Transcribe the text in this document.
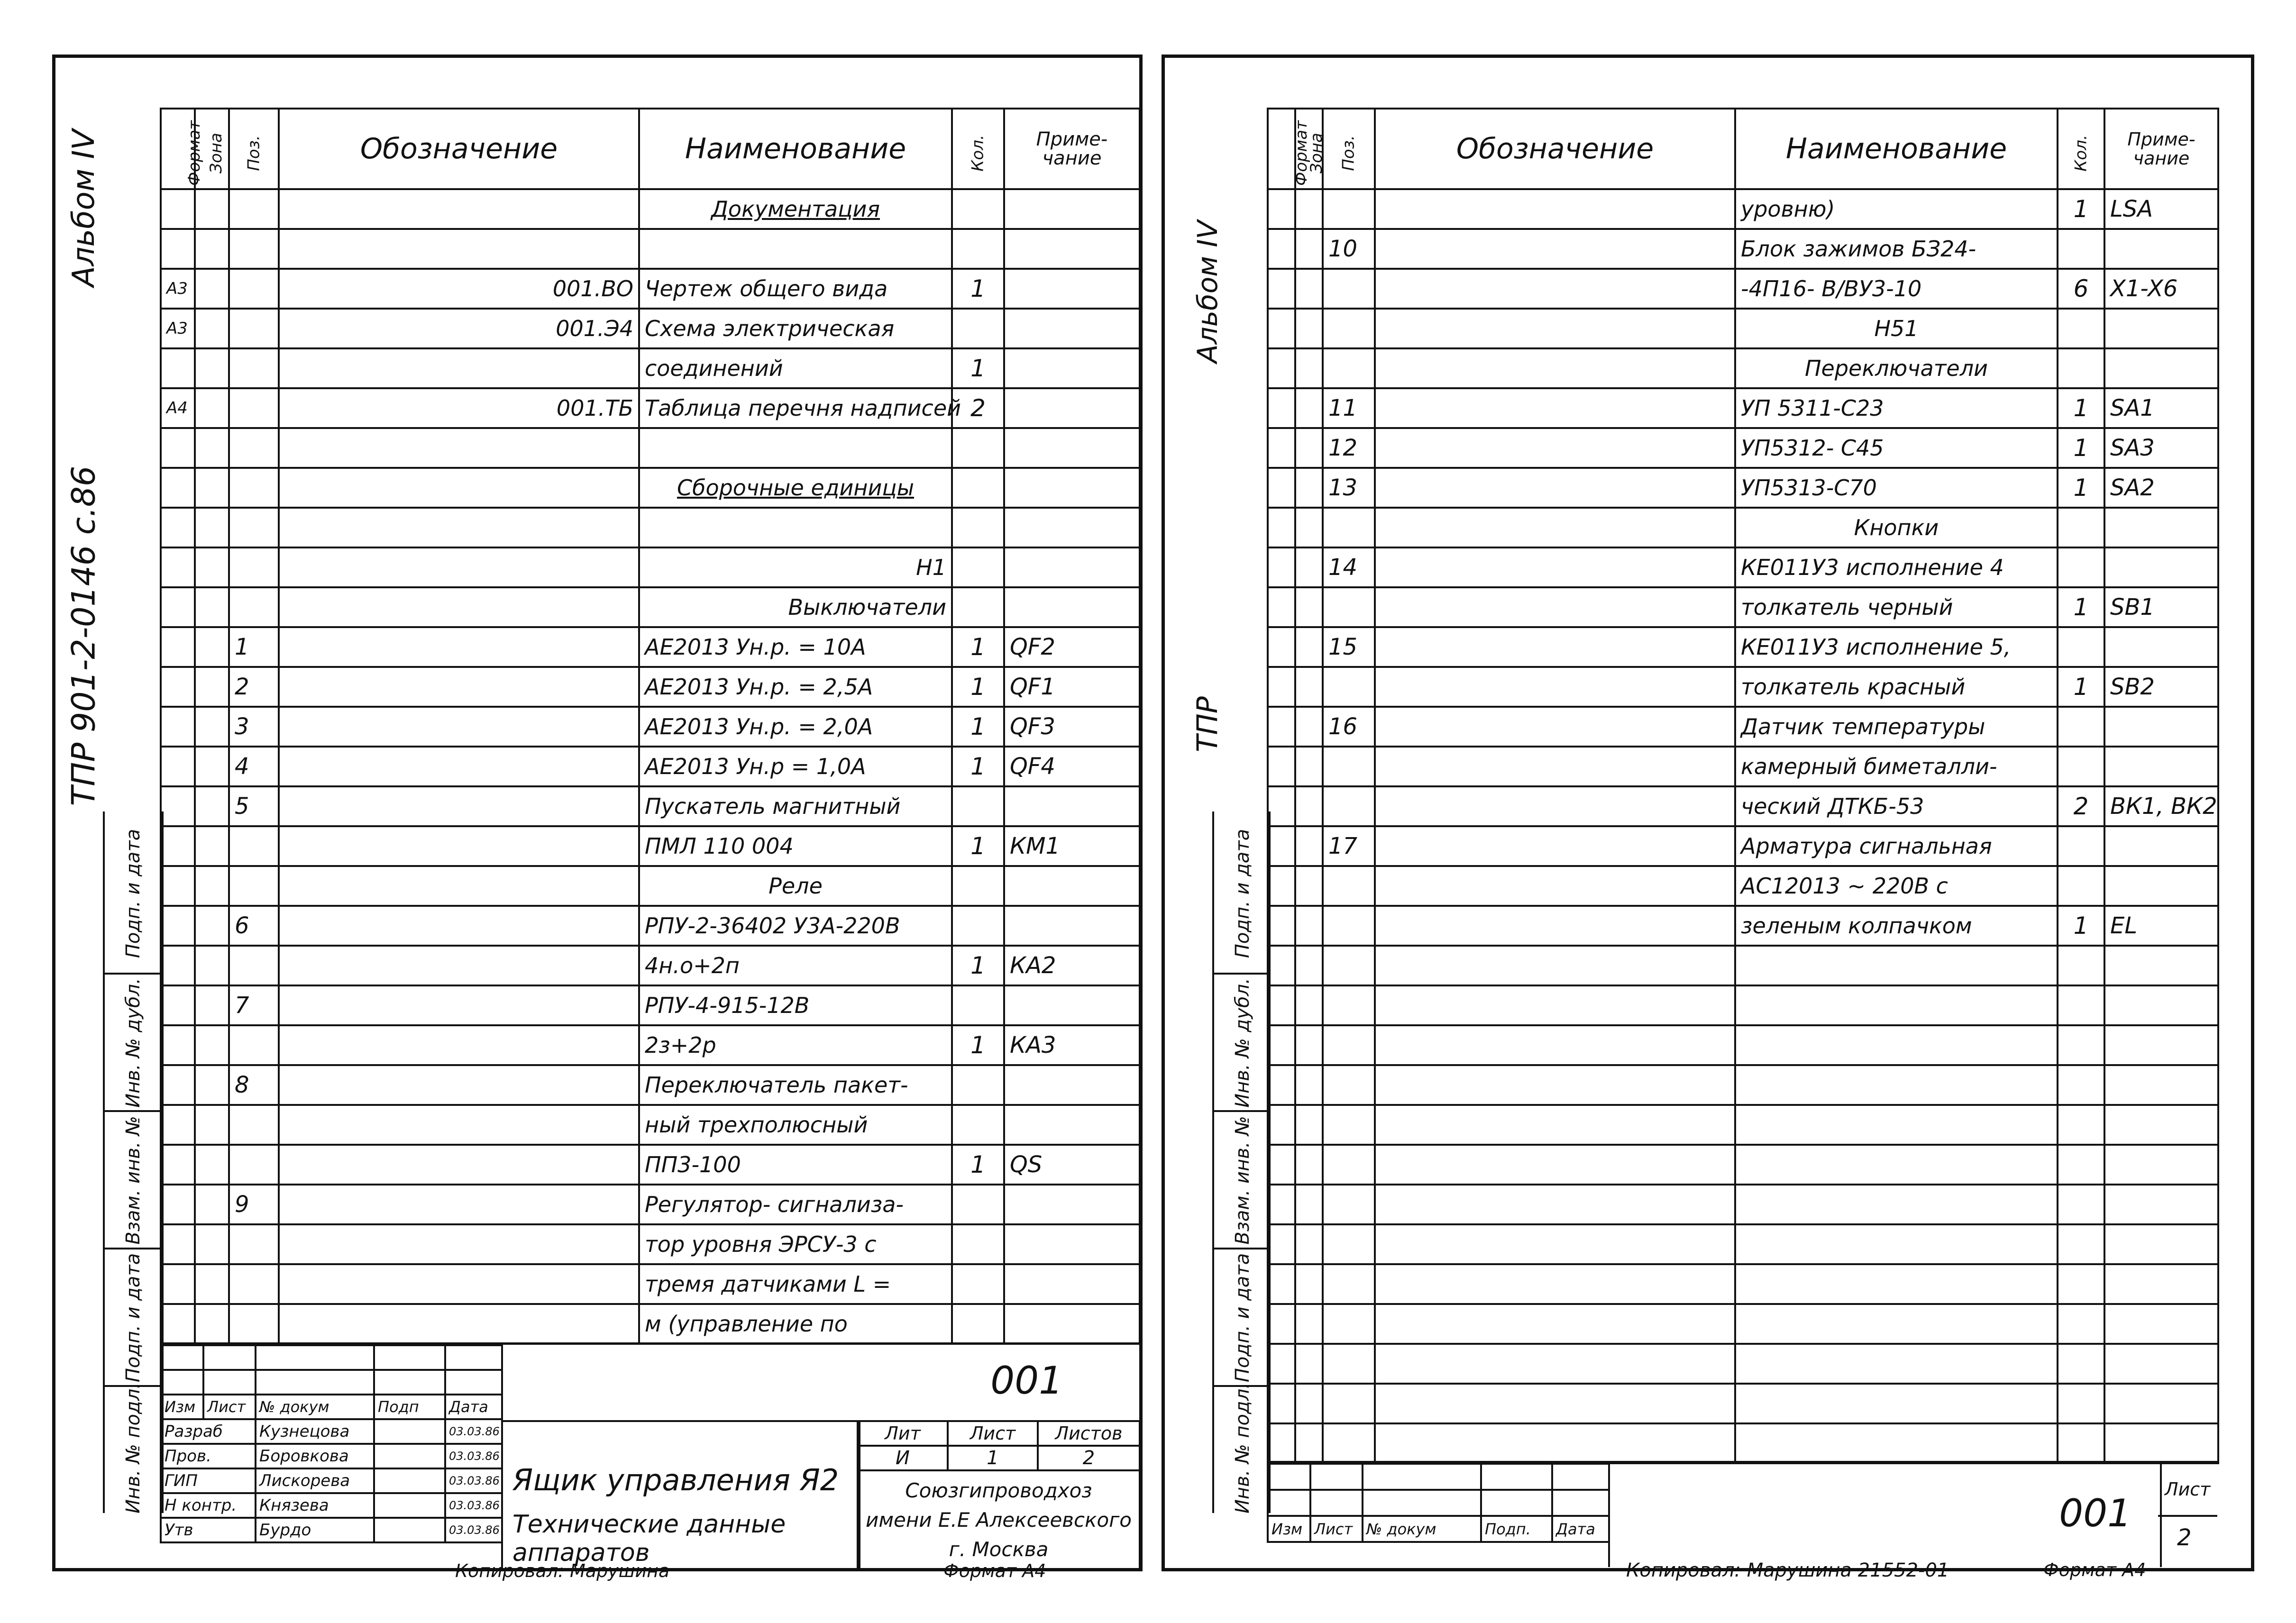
Альбом IV
ТПР 901-2-0146 с.86
Подп. и дата
Инв. № дубл.
Взам. инв. №
Подп. и дата
Инв. № подл.
Формат	Зона	Поз.	Обозначение	Наименование	Кол.	Приме-чание
				Документация		

А3			001.ВО	Чертеж общего вида	1	
А3			001.Э4	Схема электрическая		
				соединений	1	
А4			001.ТБ	Таблица перечня надписей	2	

				Сборочные единицы		

				Н1		
				Выключатели		
		1		АЕ2013 Ун.р. = 10А	1	QF2
		2		АЕ2013 Ун.р. = 2,5А	1	QF1
		3		АЕ2013 Ун.р. = 2,0А	1	QF3
		4		АЕ2013 Ун.р = 1,0А	1	QF4
		5		Пускатель магнитный		
				ПМЛ 110 004	1	КМ1
				Реле		
		6		РПУ-2-36402 У3А-220В		
				4н.о+2п	1	КА2
		7		РПУ-4-915-12В		
				2з+2р	1	КА3
		8		Переключатель пакет-		
				ный трехполюсный		
				ПП3-100	1	QS
		9		Регулятор- сигнализа-		
				тор уровня ЭРСУ-3 с		
				тремя датчиками L =		
				м (управление по		

Изм	Лист	№ докум	Подп	Дата
Разраб		Кузнецова		03.03.86
Пров.		Боровкова		03.03.86
ГИП		Лискорева		03.03.86
Н контр.		Князева		03.03.86
Утв		Бурдо		03.03.86
001
Ящик управления Я2
Технические данные аппаратов
Лит	Лист	Листов
И	1	2

Союзгипроводхоз
имени Е.Е Алексеевского
г. Москва		
Копировал: Марушина	Формат А4
Альбом IV
ТПР
Подп. и дата
Инв. № дубл.
Взам. инв. №
Подп. и дата
Инв. № подл.
Формат	Зона	Поз.	Обозначение	Наименование	Кол.	Приме-чание
				уровню)	1	LSA
		10		Блок зажимов БЗ24-		
				-4П16- В/ВУ3-10	6	X1-X6
				Н51		
				Переключатели		
		11		УП 5311-С23	1	SA1
		12		УП5312- С45	1	SA3
		13		УП5313-С70	1	SA2
				Кнопки		
		14		КЕ011У3 исполнение 4		
				толкатель черный	1	SB1
		15		КЕ011У3 исполнение 5,		
				толкатель красный	1	SB2
		16		Датчик температуры		
				камерный биметалли-		
				ческий ДТКБ-53	2	ВК1, ВК2
		17		Арматура сигнальная		
				АС12013 ~ 220В с		
				зеленым колпачком	1	EL

Изм	Лист	№ докум	Подп.	Дата	001
Лист
2
Копировал: Марушина 21552-01	Формат А4
